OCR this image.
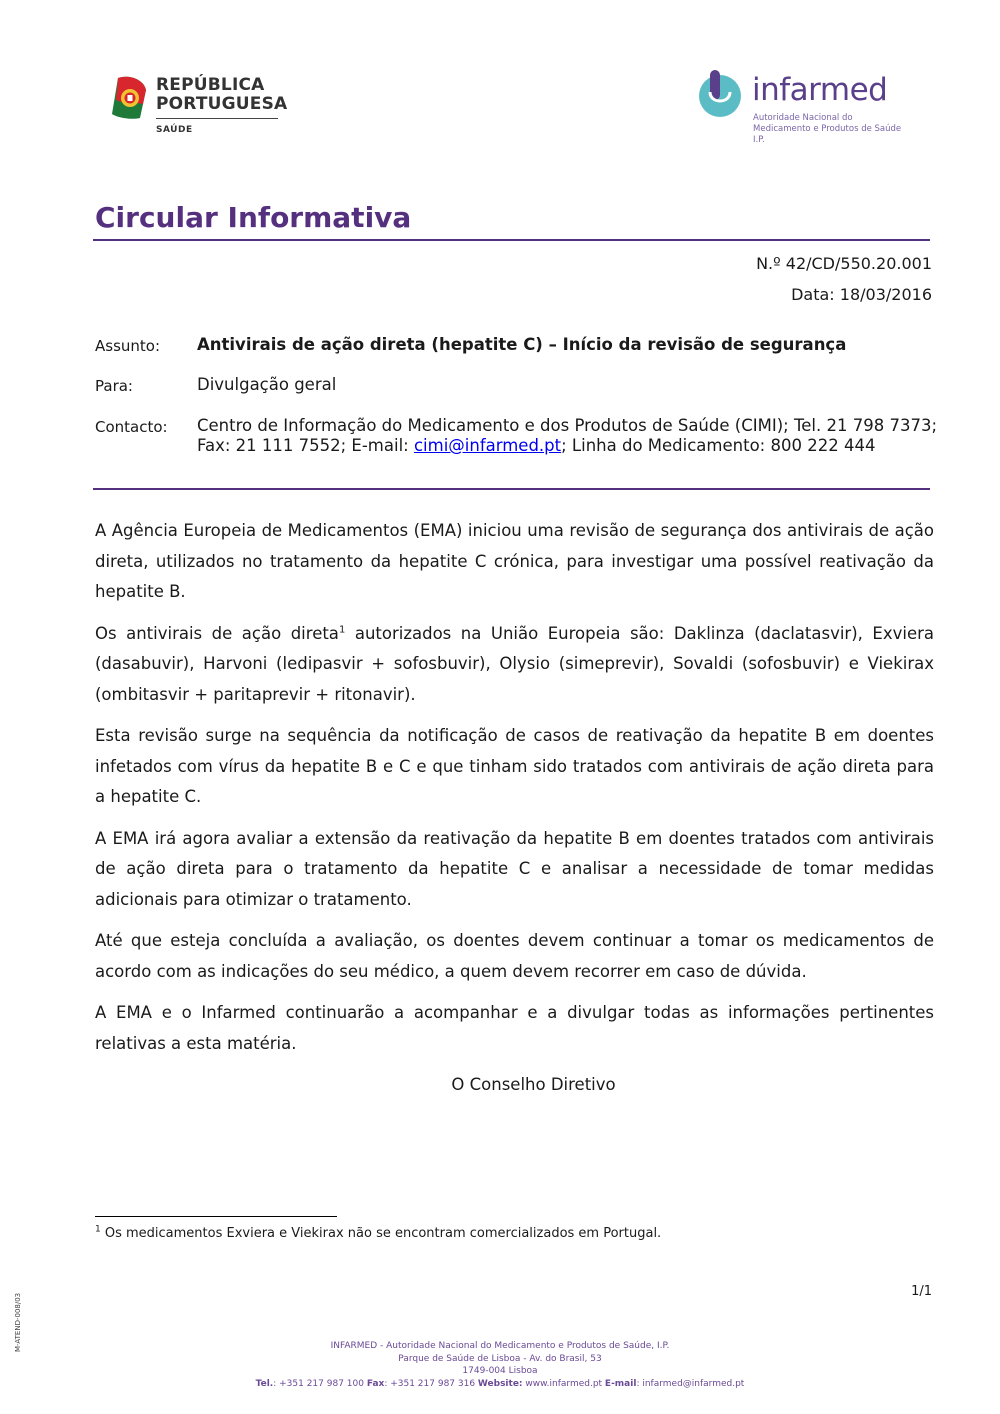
REPÚBLICA
PORTUGUESA
SAÚDE
infarmed
Autoridade Nacional do Medicamento e Produtos de Saúde I.P.
Circular Informativa
N.º 42/CD/550.20.001
Data: 18/03/2016
Assunto: Antivirais de ação direta (hepatite C) – Início da revisão de segurança
Para:	Divulgação geral
Contacto: Centro de Informação do Medicamento e dos Produtos de Saúde (CIMI); Tel. 21 798 7373; Fax: 21 111 7552; E-mail: cimi@infarmed.pt; Linha do Medicamento: 800 222 444

A Agência Europeia de Medicamentos (EMA) iniciou uma revisão de segurança dos antivirais de ação direta, utilizados no tratamento da hepatite C crónica, para investigar uma possível reativação da hepatite B.

Os antivirais de ação direta$^1$ autorizados na União Europeia são: Daklinza (daclatasvir), Exviera (dasabuvir), Harvoni (ledipasvir + sofosbuvir), Olysio (simeprevir), Sovaldi (sofosbuvir) e Viekirax (ombitasvir + paritaprevir + ritonavir).

Esta revisão surge na sequência da notificação de casos de reativação da hepatite B em doentes infetados com vírus da hepatite B e C e que tinham sido tratados com antivirais de ação direta para a hepatite C.

A EMA irá agora avaliar a extensão da reativação da hepatite B em doentes tratados com antivirais de ação direta para o tratamento da hepatite C e analisar a necessidade de tomar medidas adicionais para otimizar o tratamento.

Até que esteja concluída a avaliação, os doentes devem continuar a tomar os medicamentos de acordo com as indicações do seu médico, a quem devem recorrer em caso de dúvida.

A EMA e o Infarmed continuarão a acompanhar e a divulgar todas as informações pertinentes relativas a esta matéria.

O Conselho Diretivo

$^1$ Os medicamentos Exviera e Viekirax não se encontram comercializados em Portugal.
1/1
M-ATEND-008/03	INFARMED - Autoridade Nacional do Medicamento e Produtos de Saúde, I.P.
Parque de Saúde de Lisboa - Av. do Brasil, 53
1749-004 Lisboa
Tel.: +351 217 987 100 Fax: +351 217 987 316 Website: www.infarmed.pt E-mail: infarmed@infarmed.pt
